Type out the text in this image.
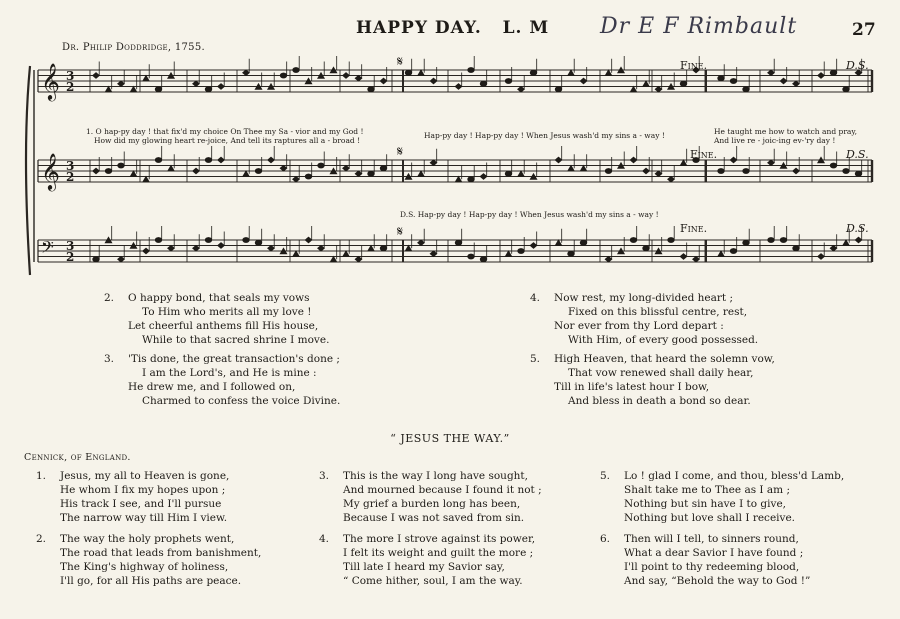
HAPPY DAY.   L. M Dr E F Rimbault	27
Dr. Philip Doddridge, 1755.
𝄞 3
2
𝄋
𝄞 3
2
𝄋
𝄢 3
2
𝄋
Fine.	D.S.
Fine.	D.S.
Fine.	D.S.
1. O hap-py day ! that fix'd my choice On Thee my Sa - vior and my God !
How did my glowing heart re-joice, And tell its raptures all a - broad !
Hap-py day ! Hap-py day ! When Jesus wash'd my sins a - way !	He taught me how to watch and pray,
And live re - joic-ing ev-'ry day !
D.S. Hap-py day ! Hap-py day ! When Jesus wash'd my sins a - way !
2. O happy bond, that seals my vows
To Him who merits all my love !
Let cheerful anthems fill His house,
While to that sacred shrine I move.
3. 'Tis done, the great transaction's done ;
I am the Lord's, and He is mine :
He drew me, and I followed on,
Charmed to confess the voice Divine.
4. Now rest, my long-divided heart ;
Fixed on this blissful centre, rest,
Nor ever from thy Lord depart :
With Him, of every good possessed.
5. High Heaven, that heard the solemn vow,
That vow renewed shall daily hear,
Till in life's latest hour I bow,
And bless in death a bond so dear.
“ JESUS THE WAY.”
Cennick, of England.
1. Jesus, my all to Heaven is gone,
He whom I fix my hopes upon ;
His track I see, and I'll pursue
The narrow way till Him I view.
2. The way the holy prophets went,
The road that leads from banishment,
The King's highway of holiness,
I'll go, for all His paths are peace.
3. This is the way I long have sought,
And mourned because I found it not ;
My grief a burden long has been,
Because I was not saved from sin.
4. The more I strove against its power,
I felt its weight and guilt the more ;
Till late I heard my Savior say,
“ Come hither, soul, I am the way.
5. Lo ! glad I come, and thou, bless'd Lamb,
Shalt take me to Thee as I am ;
Nothing but sin have I to give,
Nothing but love shall I receive.
6. Then will I tell, to sinners round,
What a dear Savior I have found ;
I'll point to thy redeeming blood,
And say, “Behold the way to God !”
